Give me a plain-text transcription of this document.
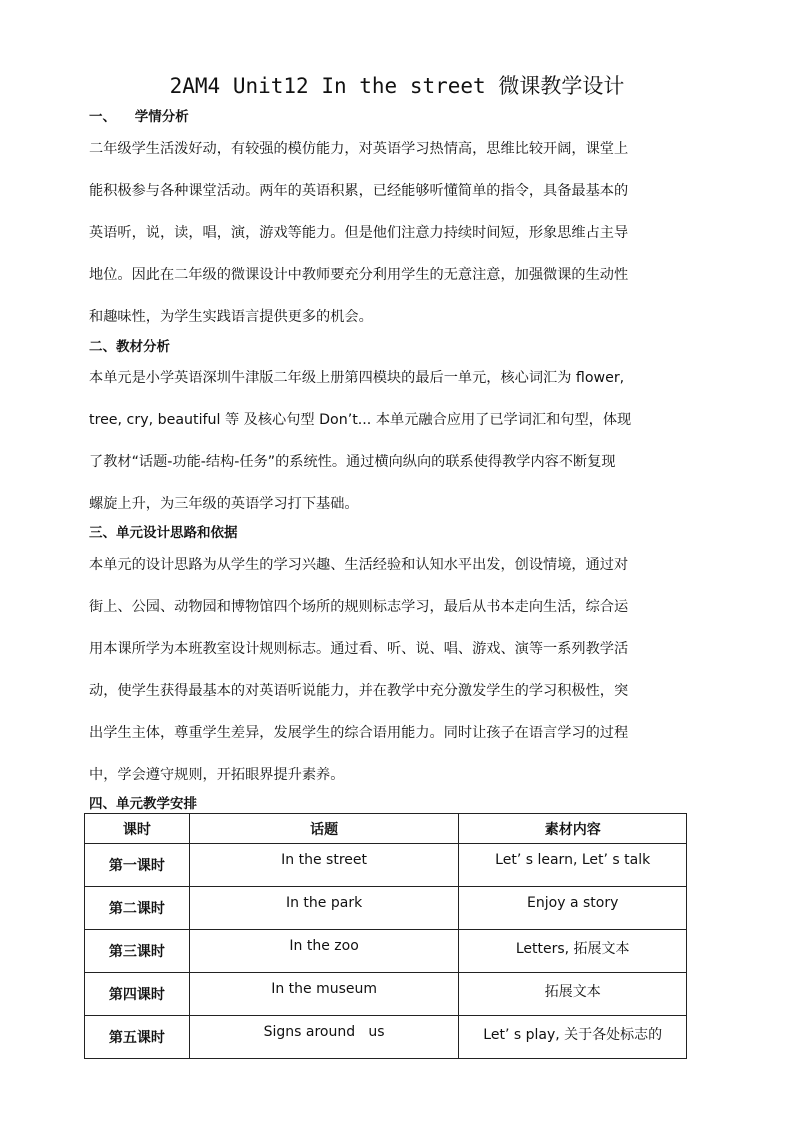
2AM4 Unit12 In the street 微课教学设计
一、    学情分析
二年级学生活泼好动，有较强的模仿能力，对英语学习热情高，思维比较开阔，课堂上
能积极参与各种课堂活动。两年的英语积累，已经能够听懂简单的指令，具备最基本的
英语听，说，读，唱，演，游戏等能力。但是他们注意力持续时间短，形象思维占主导
地位。因此在二年级的微课设计中教师要充分利用学生的无意注意，加强微课的生动性
和趣味性，为学生实践语言提供更多的机会。
二、教材分析
本单元是小学英语深圳牛津版二年级上册第四模块的最后一单元，核心词汇为 flower,
tree, cry, beautiful 等 及核心句型 Don’t... 本单元融合应用了已学词汇和句型，体现
了教材“话题-功能-结构-任务”的系统性。通过横向纵向的联系使得教学内容不断复现
螺旋上升，为三年级的英语学习打下基础。
三、单元设计思路和依据
本单元的设计思路为从学生的学习兴趣、生活经验和认知水平出发，创设情境，通过对
街上、公园、动物园和博物馆四个场所的规则标志学习，最后从书本走向生活，综合运
用本课所学为本班教室设计规则标志。通过看、听、说、唱、游戏、演等一系列教学活
动，使学生获得最基本的对英语听说能力，并在教学中充分激发学生的学习积极性，突
出学生主体，尊重学生差异，发展学生的综合语用能力。同时让孩子在语言学习的过程
中，学会遵守规则，开拓眼界提升素养。
四、单元教学安排
课时	话题	素材内容
第一课时	In the street	Let’ s learn, Let’ s talk

第二课时	In the park	Enjoy a story

第三课时	In the zoo	Letters, 拓展文本

第四课时	In the museum	拓展文本

第五课时	Signs around   us	Let’ s play, 关于各处标志的
